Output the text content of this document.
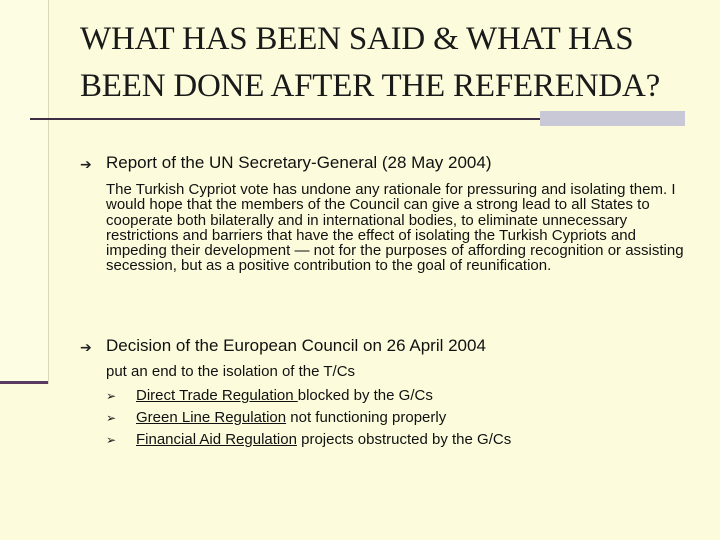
WHAT HAS BEEN SAID & WHAT HAS BEEN DONE AFTER THE REFERENDA?
➔ Report of the UN Secretary-General (28 May 2004)
The Turkish Cypriot vote has undone any rationale for pressuring and isolating them. I would hope that the members of the Council can give a strong lead to all States to cooperate both bilaterally and in international bodies, to eliminate unnecessary restrictions and barriers that have the effect of isolating the Turkish Cypriots and impeding their development — not for the purposes of affording recognition or assisting secession, but as a positive contribution to the goal of reunification.
➔ Decision of the European Council on 26 April 2004
put an end to the isolation of the T/Cs
➢ Direct Trade Regulation blocked by the G/Cs
➢ Green Line Regulation not functioning properly
➢ Financial Aid Regulation projects obstructed by the G/Cs
